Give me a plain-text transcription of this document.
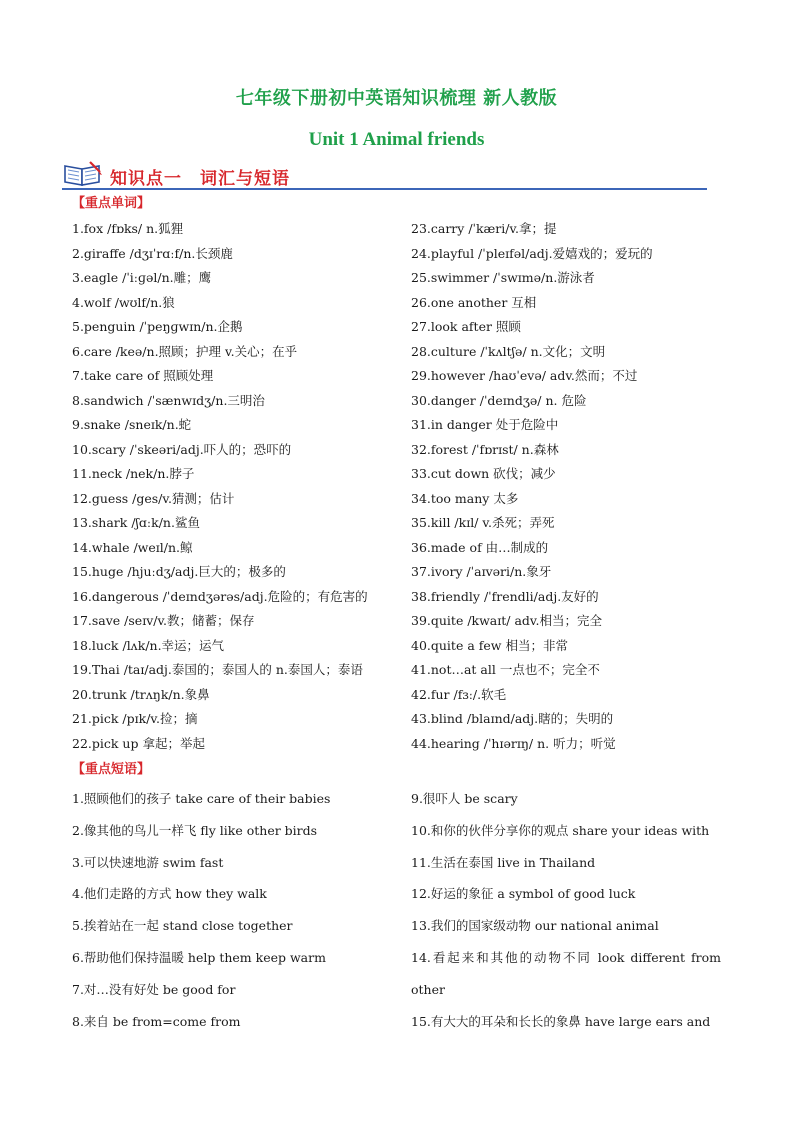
七年级下册初中英语知识梳理 新人教版
Unit 1 Animal friends
知识点一　词汇与短语
【重点单词】
1.fox /fɒks/ n.狐狸
2.giraffe /dʒɪˈrɑːf/n.长颈鹿
3.eagle /ˈiːɡəl/n.雕；鹰
4.wolf /wʊlf/n.狼
5.penguin /ˈpeŋɡwɪn/n.企鹅
6.care /keə/n.照顾；护理 v.关心；在乎
7.take care of 照顾处理
8.sandwich /ˈsænwɪdʒ/n.三明治
9.snake /sneɪk/n.蛇
10.scary /ˈskeəri/adj.吓人的；恐吓的
11.neck /nek/n.脖子
12.guess /ges/v.猜测；估计
13.shark /ʃɑːk/n.鲨鱼
14.whale /weɪl/n.鲸
15.huge /hjuːdʒ/adj.巨大的；极多的
16.dangerous /ˈdeɪndʒərəs/adj.危险的；有危害的
17.save /seɪv/v.教；储蓄；保存
18.luck /lʌk/n.幸运；运气
19.Thai /taɪ/adj.泰国的；泰国人的 n.泰国人；泰语
20.trunk /trʌŋk/n.象鼻
21.pick /pɪk/v.捡；摘
22.pick up 拿起；举起
23.carry /ˈkæri/v.拿；提
24.playful /ˈpleɪfəl/adj.爱嬉戏的；爱玩的
25.swimmer /ˈswɪmə/n.游泳者
26.one another 互相
27.look after 照顾
28.culture /ˈkʌltʃə/ n.文化；文明
29.however /haʊˈevə/ adv.然而；不过
30.danger /ˈdeɪndʒə/ n. 危险
31.in danger 处于危险中
32.forest /ˈfɒrɪst/ n.森林
33.cut down 砍伐；减少
34.too many 太多
35.kill /kɪl/ v.杀死；弄死
36.made of 由…制成的
37.ivory /ˈaɪvəri/n.象牙
38.friendly /ˈfrendli/adj.友好的
39.quite /kwaɪt/ adv.相当；完全
40.quite a few 相当；非常
41.not…at all 一点也不；完全不
42.fur /fɜː/.软毛
43.blind /blaɪnd/adj.瞎的；失明的
44.hearing /ˈhɪərɪŋ/ n. 听力；听觉
【重点短语】
1.照顾他们的孩子 take care of their babies
2.像其他的鸟儿一样飞 fly like other birds
3.可以快速地游 swim fast
4.他们走路的方式 how they walk
5.挨着站在一起 stand close together
6.帮助他们保持温暖 help them keep warm
7.对…没有好处 be good for
8.来自 be from=come from
9.很吓人 be scary
10.和你的伙伴分享你的观点 share your ideas with
11.生活在泰国 live in Thailand
12.好运的象征 a symbol of good luck
13.我们的国家级动物 our national animal
14.看起来和其他的动物不同 look different from
other
15.有大大的耳朵和长长的象鼻 have large ears and
